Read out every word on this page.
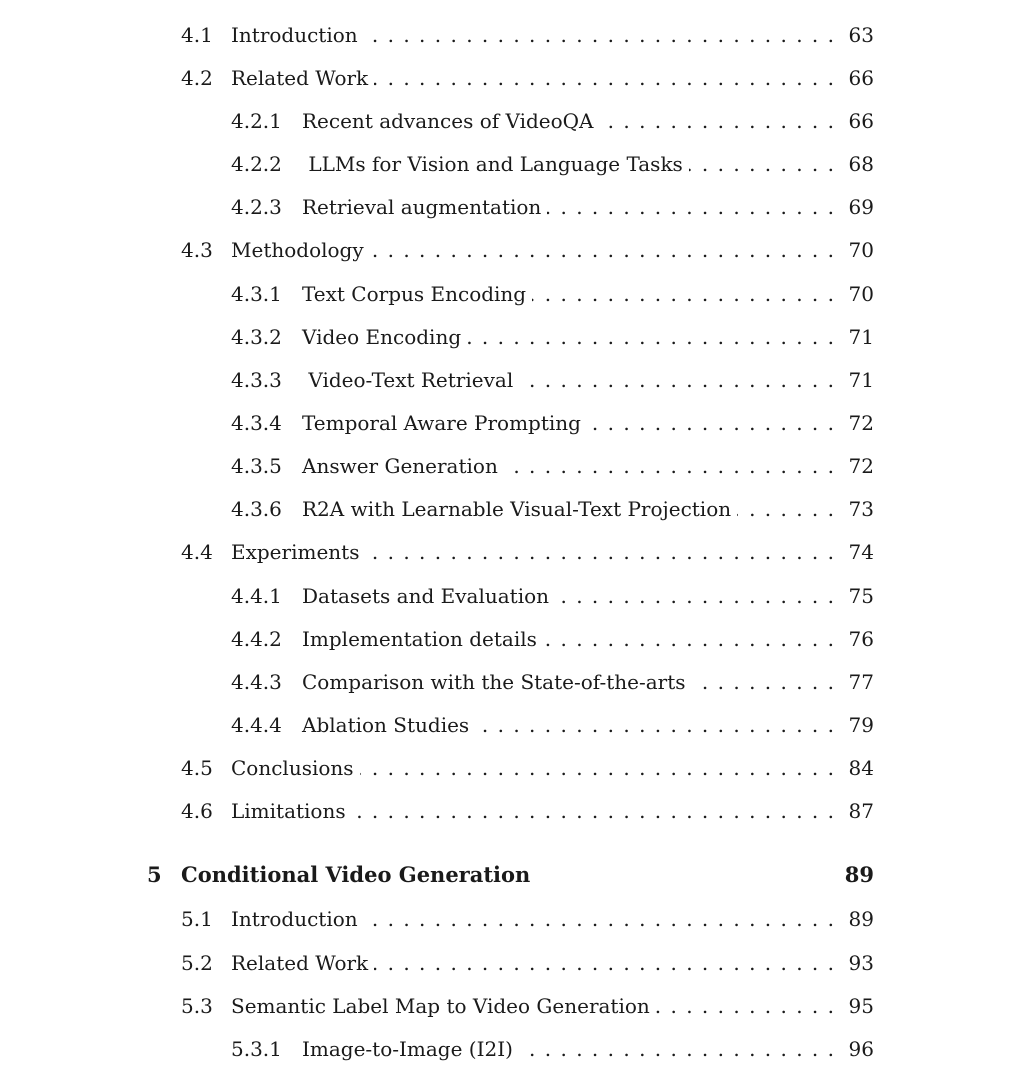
4.1 Introduction . . .	63
4.2 Related Work . . .	66
4.2.1	Recent advances of VideoQA . . .	66
4.2.2	LLMs for Vision and Language Tasks . . .	68
4.2.3	Retrieval augmentation . . .	69
4.3 Methodology . . .	70
4.3.1	Text Corpus Encoding . . .	70
4.3.2	Video Encoding . . .	71
4.3.3	Video-Text Retrieval . . .	71
4.3.4	Temporal Aware Prompting . . .	72
4.3.5	Answer Generation . . .	72
4.3.6	R2A with Learnable Visual-Text Projection . . .	73
4.4 Experiments . . .	74
4.4.1	Datasets and Evaluation . . .	75
4.4.2	Implementation details . . .	76
4.4.3	Comparison with the State-of-the-arts . . .	77
4.4.4	Ablation Studies . . .	79
4.5 Conclusions . . .	84
4.6 Limitations . . .	87
5 Conditional Video Generation	89
5.1 Introduction . . .	89
5.2 Related Work . . .	93
5.3 Semantic Label Map to Video Generation . . .	95
5.3.1	Image-to-Image (I2I) . . .	96
